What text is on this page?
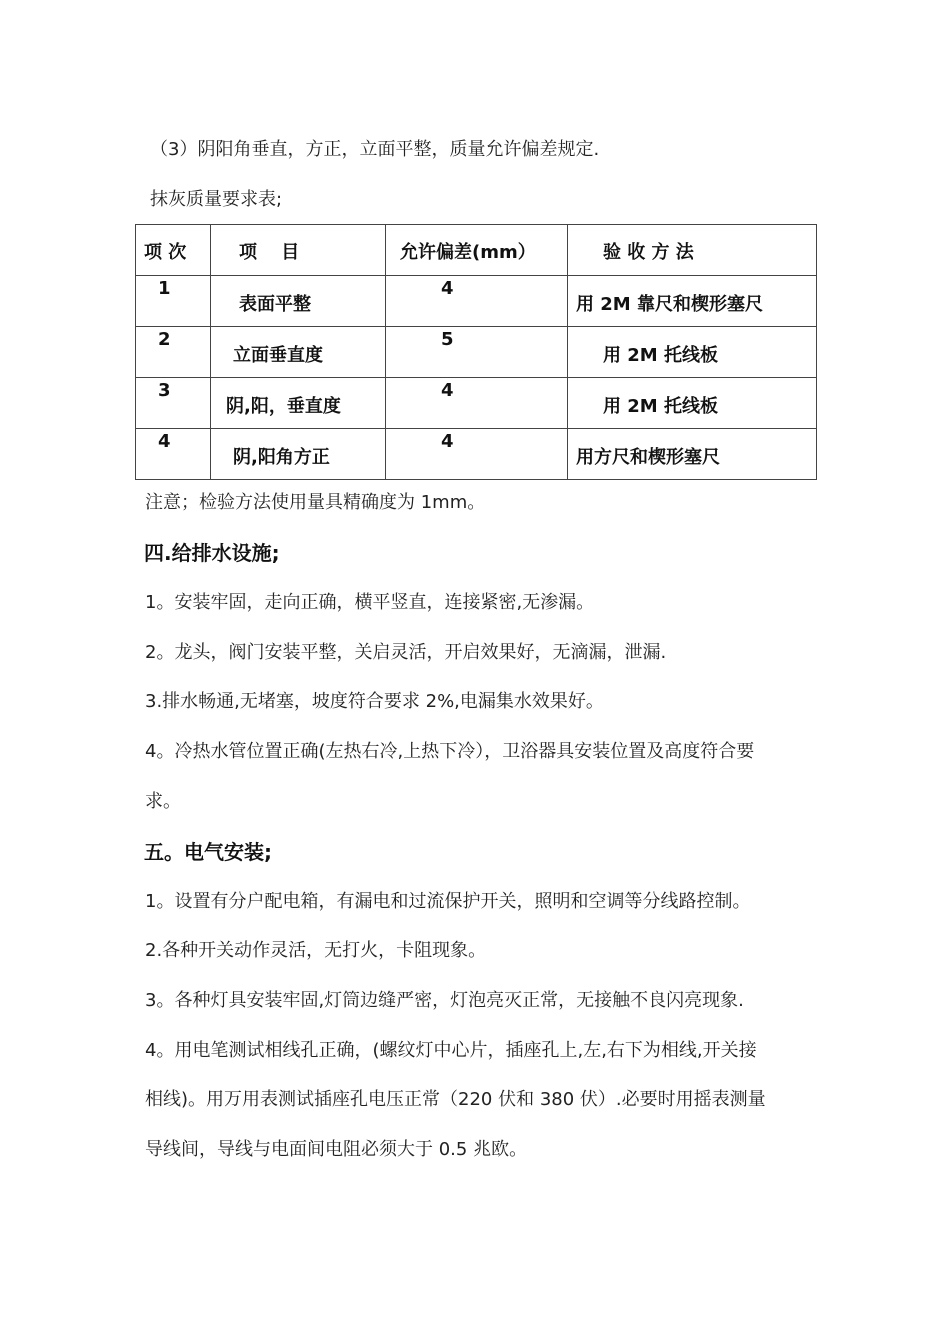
（3）阴阳角垂直，方正，立面平整，质量允许偏差规定.
抹灰质量要求表;
项 次	项　 目	允许偏差(mm）	验 收 方 法

1	表面平整	4	用 2M 靠尺和楔形塞尺

2	立面垂直度	5	用 2M 托线板

3	阴,阳，垂直度	4	用 2M 托线板

4	阴,阳角方正	4	用方尺和楔形塞尺
注意；检验方法使用量具精确度为 1mm。
四.给排水设施;
1。安装牢固，走向正确，横平竖直，连接紧密,无渗漏。
2。龙头，阀门安装平整，关启灵活，开启效果好，无滴漏，泄漏.
3.排水畅通,无堵塞，坡度符合要求 2%,电漏集水效果好。
4。冷热水管位置正确(左热右冷,上热下冷），卫浴器具安装位置及高度符合要
求。
五。电气安装;
1。设置有分户配电箱，有漏电和过流保护开关，照明和空调等分线路控制。
2.各种开关动作灵活，无打火，卡阻现象。
3。各种灯具安装牢固,灯筒边缝严密，灯泡亮灭正常，无接触不良闪亮现象.
4。用电笔测试相线孔正确，(螺纹灯中心片，插座孔上,左,右下为相线,开关接
相线)。用万用表测试插座孔电压正常（220 伏和 380 伏）.必要时用摇表测量
导线间，导线与电面间电阻必须大于 0.5 兆欧。
